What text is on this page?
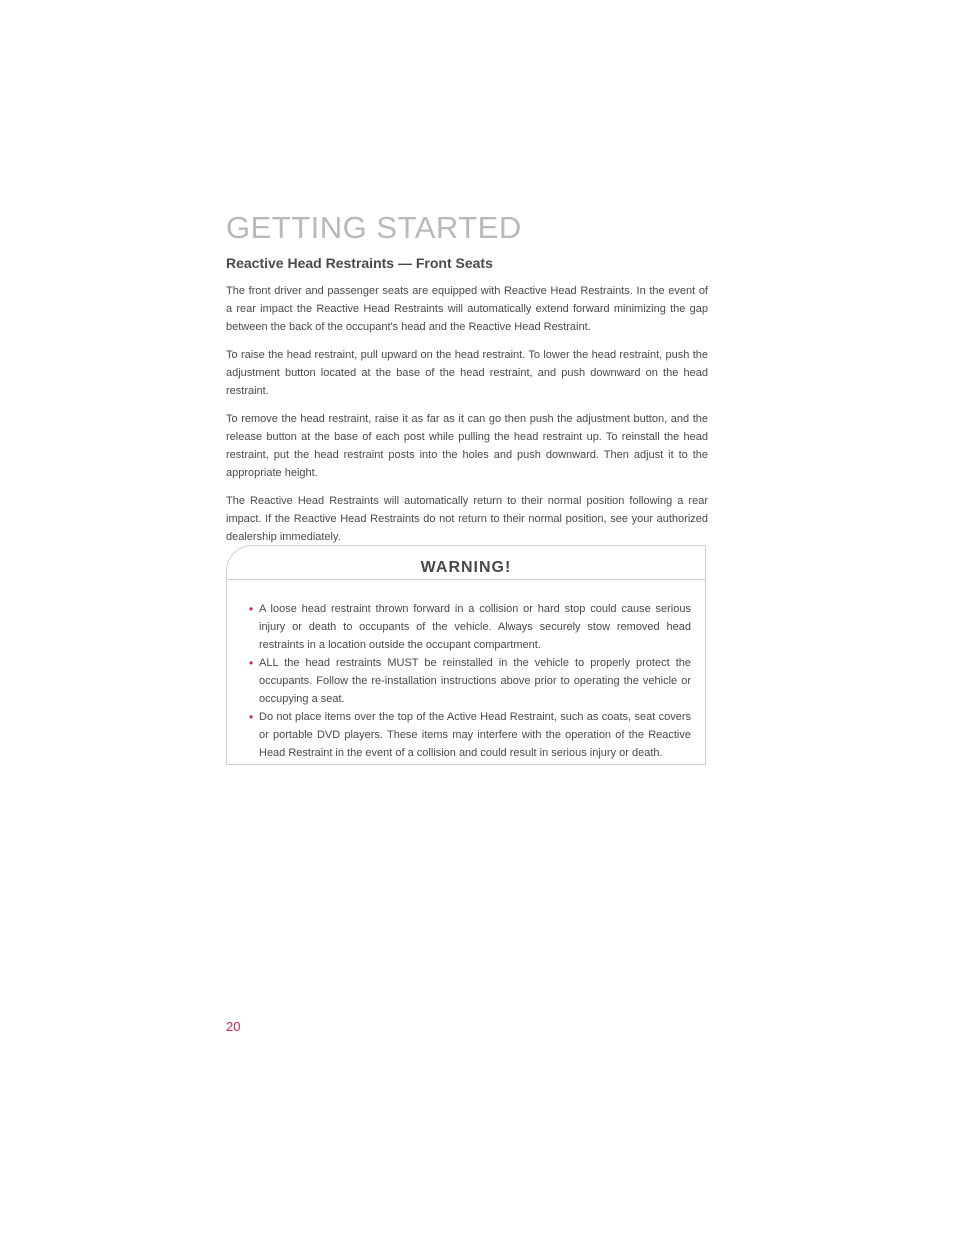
GETTING STARTED
Reactive Head Restraints — Front Seats

The front driver and passenger seats are equipped with Reactive Head Restraints. In the event of a rear impact the Reactive Head Restraints will automatically extend forward minimizing the gap between the back of the occupant's head and the Reactive Head Restraint.

To raise the head restraint, pull upward on the head restraint. To lower the head restraint, push the adjustment button located at the base of the head restraint, and push downward on the head restraint.

To remove the head restraint, raise it as far as it can go then push the adjustment button, and the release button at the base of each post while pulling the head restraint up. To reinstall the head restraint, put the head restraint posts into the holes and push downward. Then adjust it to the appropriate height.

The Reactive Head Restraints will automatically return to their normal position following a rear impact. If the Reactive Head Restraints do not return to their normal position, see your authorized dealership immediately.

WARNING!
• A loose head restraint thrown forward in a collision or hard stop could cause serious injury or death to occupants of the vehicle. Always securely stow removed head restraints in a location outside the occupant compartment.
• ALL the head restraints MUST be reinstalled in the vehicle to properly protect the occupants. Follow the re-installation instructions above prior to operating the vehicle or occupying a seat.
• Do not place items over the top of the Active Head Restraint, such as coats, seat covers or portable DVD players. These items may interfere with the operation of the Reactive Head Restraint in the event of a collision and could result in serious injury or death.

20
